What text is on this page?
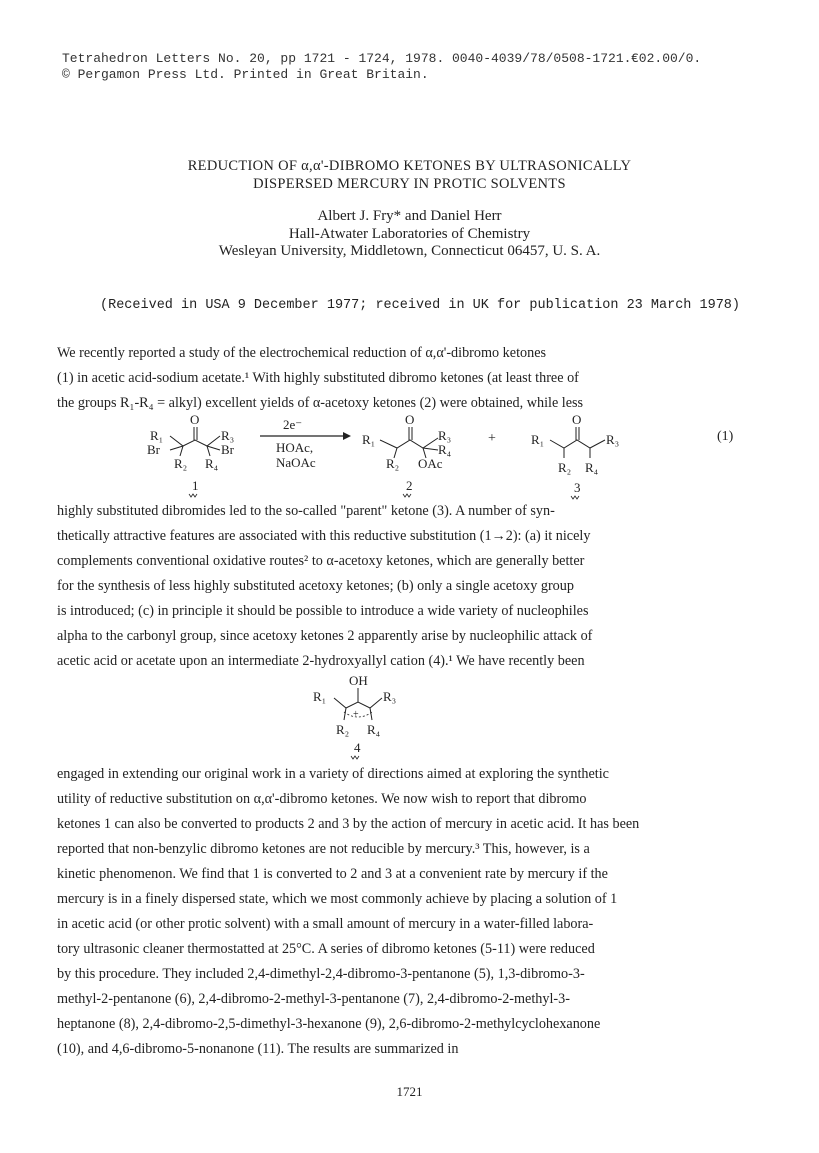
Tetrahedron Letters No. 20, pp 1721 - 1724, 1978. 0040-4039/78/0508-1721. €02.00/0.
© Pergamon Press Ltd. Printed in Great Britain.
REDUCTION OF α,α'-DIBROMO KETONES BY ULTRASONICALLY
DISPERSED MERCURY IN PROTIC SOLVENTS
Albert J. Fry* and Daniel Herr
Hall-Atwater Laboratories of Chemistry
Wesleyan University, Middletown, Connecticut 06457, U. S. A.
(Received in USA 9 December 1977; received in UK for publication 23 March 1978)
We recently reported a study of the electrochemical reduction of α,α'-dibromo ketones
(1) in acetic acid-sodium acetate.¹ With highly substituted dibromo ketones (at least three of
the groups R₁-R₄ = alkyl) excellent yields of α-acetoxy ketones (2) were obtained, while less
O
R₁	R₃
Br	Br
R₂ R₄
1
2e⁻
HOAc,
NaOAc
O
R₁	R₃
R₄
R₂ OAc
2
+
O
R₁	R₃
R₂ R₄
3
(1)
highly substituted dibromides led to the so-called "parent" ketone (3). A number of syn-
thetically attractive features are associated with this reductive substitution (1→2): (a) it nicely
complements conventional oxidative routes² to α-acetoxy ketones, which are generally better
for the synthesis of less highly substituted acetoxy ketones; (b) only a single acetoxy group
is introduced; (c) in principle it should be possible to introduce a wide variety of nucleophiles
alpha to the carbonyl group, since acetoxy ketones 2 apparently arise by nucleophilic attack of
acetic acid or acetate upon an intermediate 2-hydroxyallyl cation (4).¹ We have recently been
OH
+
R₁	R₃
R₂ R₄
4
engaged in extending our original work in a variety of directions aimed at exploring the synthetic
utility of reductive substitution on α,α'-dibromo ketones. We now wish to report that dibromo
ketones 1 can also be converted to products 2 and 3 by the action of mercury in acetic acid. It has been
reported that non-benzylic dibromo ketones are not reducible by mercury.³ This, however, is a
kinetic phenomenon. We find that 1 is converted to 2 and 3 at a convenient rate by mercury if the
mercury is in a finely dispersed state, which we most commonly achieve by placing a solution of 1
in acetic acid (or other protic solvent) with a small amount of mercury in a water-filled labora-
tory ultrasonic cleaner thermostatted at 25°C. A series of dibromo ketones (5-11) were reduced
by this procedure. They included 2,4-dimethyl-2,4-dibromo-3-pentanone (5), 1,3-dibromo-3-
methyl-2-pentanone (6), 2,4-dibromo-2-methyl-3-pentanone (7), 2,4-dibromo-2-methyl-3-
heptanone (8), 2,4-dibromo-2,5-dimethyl-3-hexanone (9), 2,6-dibromo-2-methylcyclohexanone
(10), and 4,6-dibromo-5-nonanone (11). The results are summarized in
1721
